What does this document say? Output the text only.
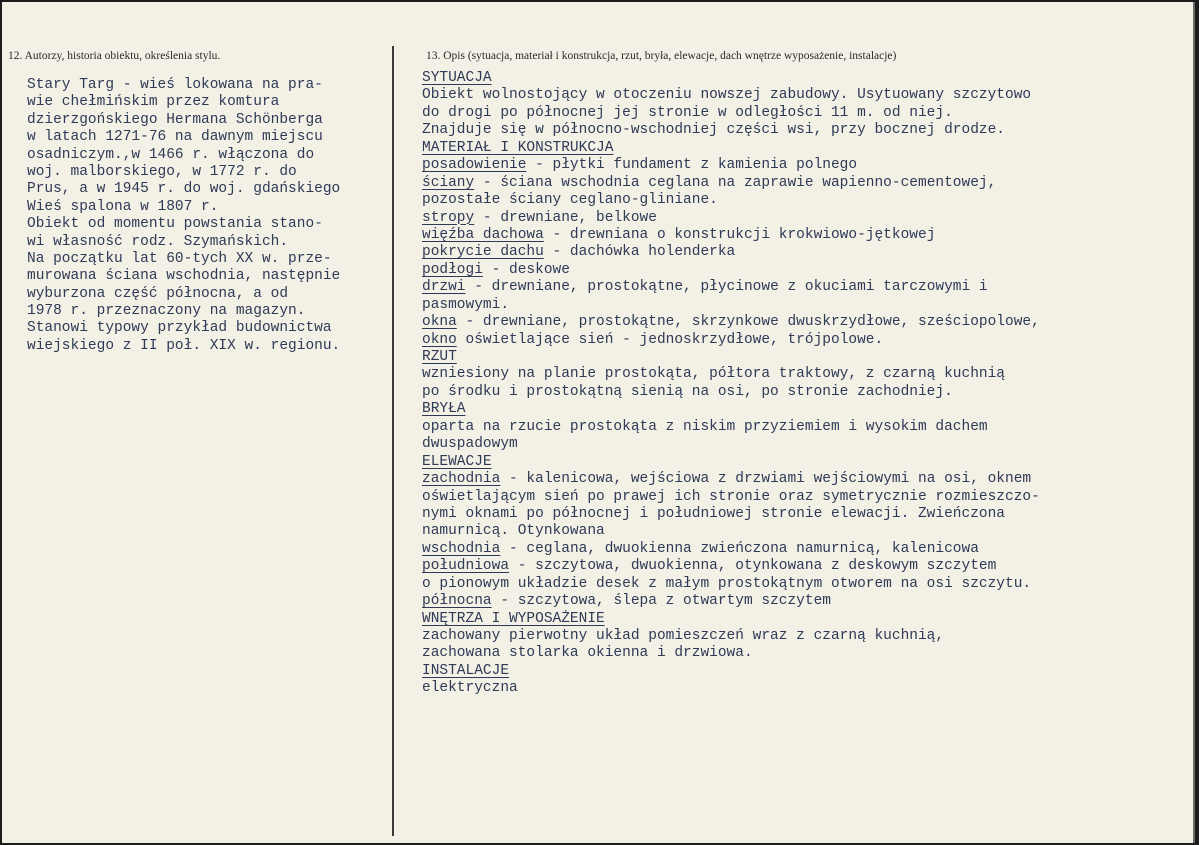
12. Autorzy, historia obiektu, określenia stylu.	13. Opis (sytuacja, materiał i konstrukcja, rzut, bryła, elewacje, dach wnętrze wyposażenie, instalacje)
Stary Targ - wieś lokowana na pra-
wie chełmińskim przez komtura
dzierzgońskiego Hermana Schönberga
w latach 1271-76 na dawnym miejscu
osadniczym.,w 1466 r. włączona do
woj. malborskiego, w 1772 r. do
Prus, a w 1945 r. do woj. gdańskiego
Wieś spalona w 1807 r.
Obiekt od momentu powstania stano-
wi własność rodz. Szymańskich.
Na początku lat 60-tych XX w. prze-
murowana ściana wschodnia, następnie
wyburzona część północna, a od
1978 r. przeznaczony na magazyn.
Stanowi typowy przykład budownictwa
wiejskiego z II poł. XIX w. regionu.
SYTUACJA
Obiekt wolnostojący w otoczeniu nowszej zabudowy. Usytuowany szczytowo
do drogi po północnej jej stronie w odległości 11 m. od niej.
Znajduje się w północno-wschodniej części wsi, przy bocznej drodze.
MATERIAŁ I KONSTRUKCJA
posadowienie - płytki fundament z kamienia polnego
ściany - ściana wschodnia ceglana na zaprawie wapienno-cementowej,
pozostałe ściany ceglano-gliniane.
stropy - drewniane, belkowe
więźba dachowa - drewniana o konstrukcji krokwiowo-jętkowej
pokrycie dachu - dachówka holenderka
podłogi - deskowe
drzwi - drewniane, prostokątne, płycinowe z okuciami tarczowymi i
pasmowymi.
okna - drewniane, prostokątne, skrzynkowe dwuskrzydłowe, sześciopolowe,
okno oświetlające sień - jednoskrzydłowe, trójpolowe.
RZUT
wzniesiony na planie prostokąta, półtora traktowy, z czarną kuchnią
po środku i prostokątną sienią na osi, po stronie zachodniej.
BRYŁA
oparta na rzucie prostokąta z niskim przyziemiem i wysokim dachem
dwuspadowym
ELEWACJE
zachodnia - kalenicowa, wejściowa z drzwiami wejściowymi na osi, oknem
oświetlającym sień po prawej ich stronie oraz symetrycznie rozmieszczo-
nymi oknami po północnej i południowej stronie elewacji. Zwieńczona
namurnicą. Otynkowana
wschodnia - ceglana, dwuokienna zwieńczona namurnicą, kalenicowa
południowa - szczytowa, dwuokienna, otynkowana z deskowym szczytem
o pionowym układzie desek z małym prostokątnym otworem na osi szczytu.
północna - szczytowa, ślepa z otwartym szczytem
WNĘTRZA I WYPOSAŻENIE
zachowany pierwotny układ pomieszczeń wraz z czarną kuchnią,
zachowana stolarka okienna i drzwiowa.
INSTALACJE
elektryczna
